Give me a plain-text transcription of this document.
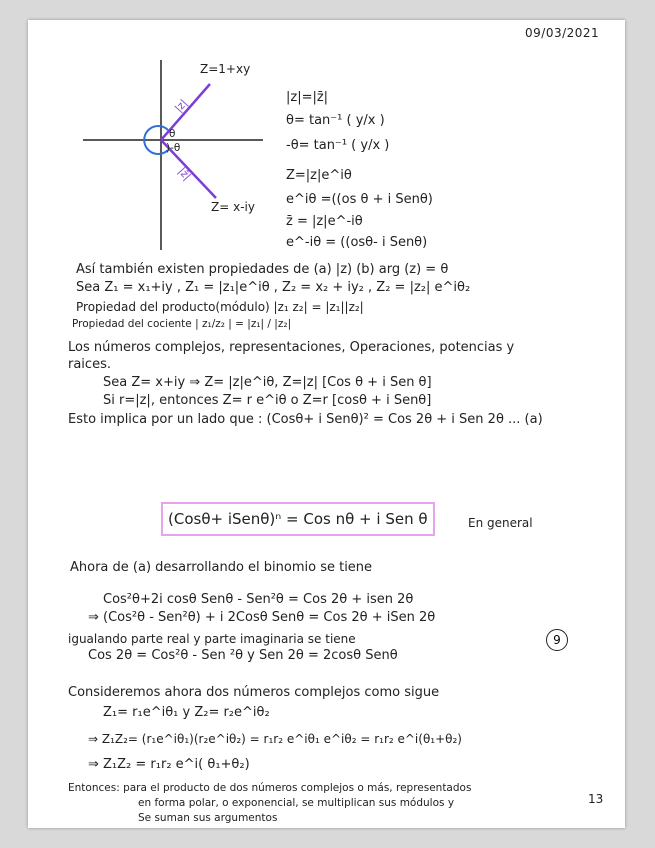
09/03/2021
Z=1+xy
|z|
θ
)-θ
|z̄|
Z= x-iy
|z|=|z̄|
θ= tan⁻¹ ( y/x )
-θ= tan⁻¹ ( y/x )
Z=|z|e^iθ
e^iθ =((os θ + i Senθ)
z̄ = |z|e^-iθ
e^-iθ = ((osθ- i Senθ)
Así también existen propiedades de (a) |z) (b) arg (z) = θ
Sea Z₁ = x₁+iy , Z₁ = |z₁|e^iθ , Z₂ = x₂ + iy₂ , Z₂ = |z₂| e^iθ₂
Propiedad del producto(módulo) |z₁ z₂| = |z₁||z₂|
Propiedad del cociente | z₁/z₂ | = |z₁| / |z₂|
Los números complejos, representaciones, Operaciones, potencias y
raices.
Sea Z= x+iy ⇒ Z= |z|e^iθ, Z=|z| [Cos θ + i Sen θ]
Si r=|z|, entonces Z= r e^iθ o Z=r [cosθ + i Senθ]
Esto implica por un lado que : (Cosθ+ i Senθ)² = Cos 2θ + i Sen 2θ ... (a)
(Cosθ+ iSenθ)ⁿ = Cos nθ + i Sen θ	En general
Ahora de (a) desarrollando el binomio se tiene
Cos²θ+2i cosθ Senθ - Sen²θ = Cos 2θ + isen 2θ
⇒ (Cos²θ - Sen²θ) + i 2Cosθ Senθ = Cos 2θ + iSen 2θ
igualando parte real y parte imaginaria se tiene
Cos 2θ = Cos²θ - Sen ²θ y Sen 2θ = 2cosθ Senθ
Consideremos ahora dos números complejos como sigue
9
Z₁= r₁e^iθ₁ y Z₂= r₂e^iθ₂
⇒ Z₁Z₂= (r₁e^iθ₁)(r₂e^iθ₂) = r₁r₂ e^iθ₁ e^iθ₂ = r₁r₂ e^i(θ₁+θ₂)
⇒ Z₁Z₂ = r₁r₂ e^i( θ₁+θ₂)
Entonces: para el producto de dos números complejos o más, representados
en forma polar, o exponencial, se multiplican sus módulos y
Se suman sus argumentos
13
